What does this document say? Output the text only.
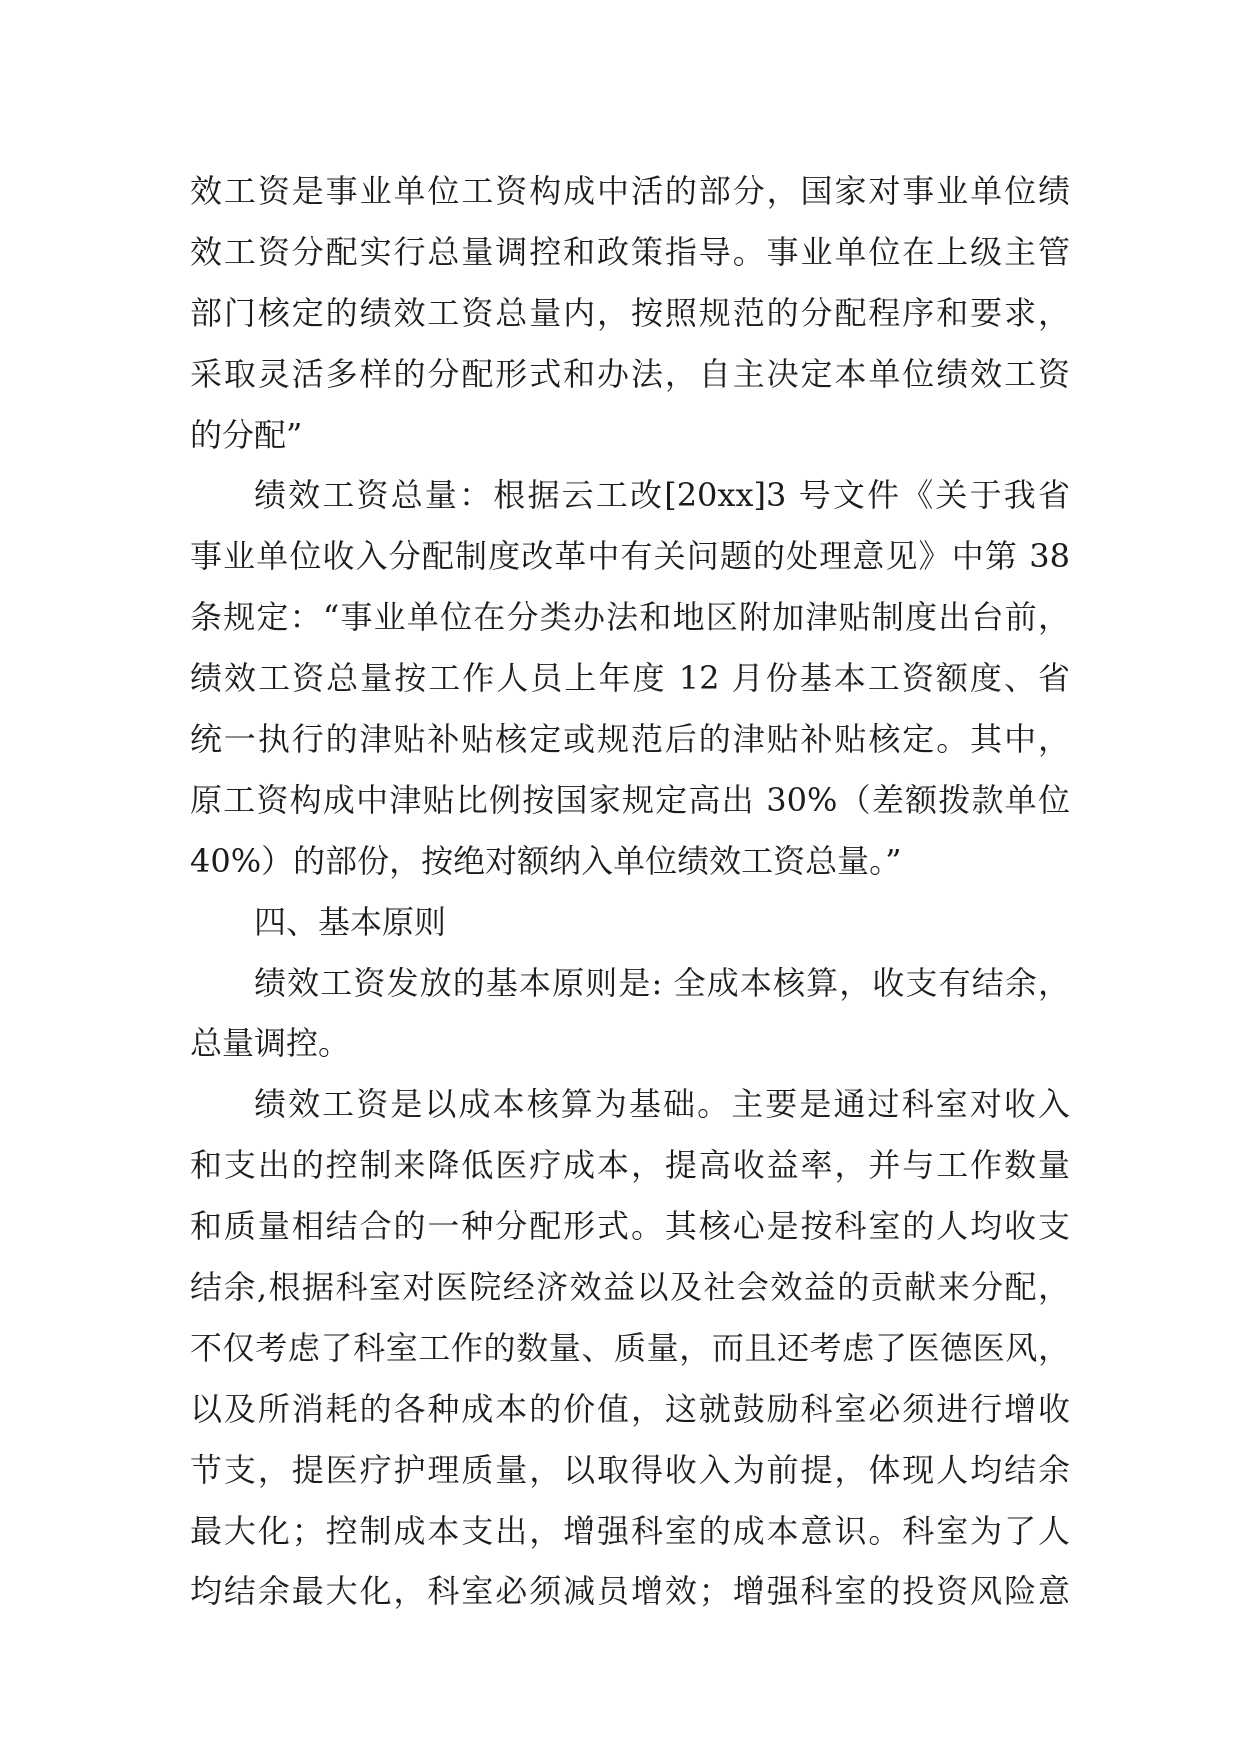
效工资是事业单位工资构成中活的部分，国家对事业单位绩
效工资分配实行总量调控和政策指导。事业单位在上级主管
部门核定的绩效工资总量内，按照规范的分配程序和要求，
采取灵活多样的分配形式和办法，自主决定本单位绩效工资
的分配”
绩效工资总量：根据云工改[20xx]3 号文件《关于我省
事业单位收入分配制度改革中有关问题的处理意见》中第 38
条规定：“事业单位在分类办法和地区附加津贴制度出台前，
绩效工资总量按工作人员上年度 12 月份基本工资额度、省
统一执行的津贴补贴核定或规范后的津贴补贴核定。其中，
原工资构成中津贴比例按国家规定高出 30%（差额拨款单位
40%）的部份，按绝对额纳入单位绩效工资总量。”
四、基本原则
绩效工资发放的基本原则是: 全成本核算，收支有结余，
总量调控。
绩效工资是以成本核算为基础。主要是通过科室对收入
和支出的控制来降低医疗成本，提高收益率，并与工作数量
和质量相结合的一种分配形式。其核心是按科室的人均收支
结余,根据科室对医院经济效益以及社会效益的贡献来分配，
不仅考虑了科室工作的数量、质量，而且还考虑了医德医风，
以及所消耗的各种成本的价值，这就鼓励科室必须进行增收
节支，提医疗护理质量，以取得收入为前提，体现人均结余
最大化；控制成本支出，增强科室的成本意识。科室为了人
均结余最大化，科室必须减员增效；增强科室的投资风险意
